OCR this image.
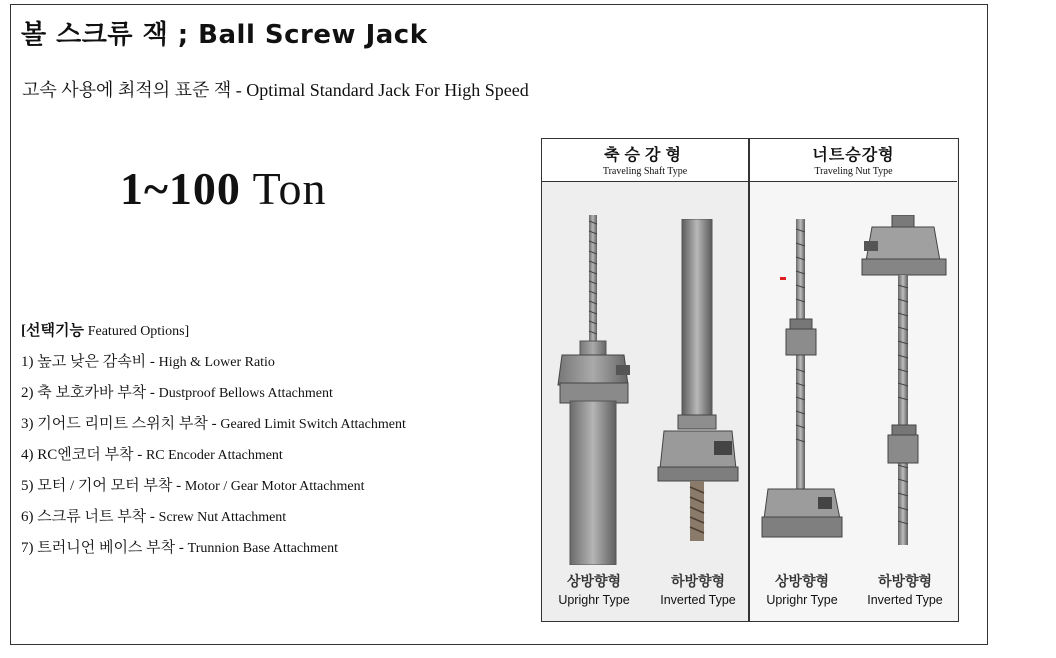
볼 스크류 잭 ; Ball Screw Jack
고속 사용에 최적의 표준 잭 - Optimal Standard Jack For High Speed
1~100 Ton
[선택기능 Featured Options]
1) 높고 낮은 감속비 - High & Lower Ratio
2) 축 보호카바 부착 - Dustproof Bellows Attachment
3) 기어드 리미트 스위치 부착 - Geared Limit Switch Attachment
4) RC엔코더 부착 - RC Encoder Attachment
5) 모터 / 기어 모터 부착 - Motor / Gear Motor Attachment
6) 스크류 너트 부착 - Screw Nut Attachment
7) 트러니언 베이스 부착 - Trunnion Base Attachment
축승강형
Traveling Shaft Type
상방향형
Uprighr Type
하방향형
Inverted Type
너트승강형
Traveling Nut Type
상방향형
Uprighr Type
하방향형
Inverted Type
